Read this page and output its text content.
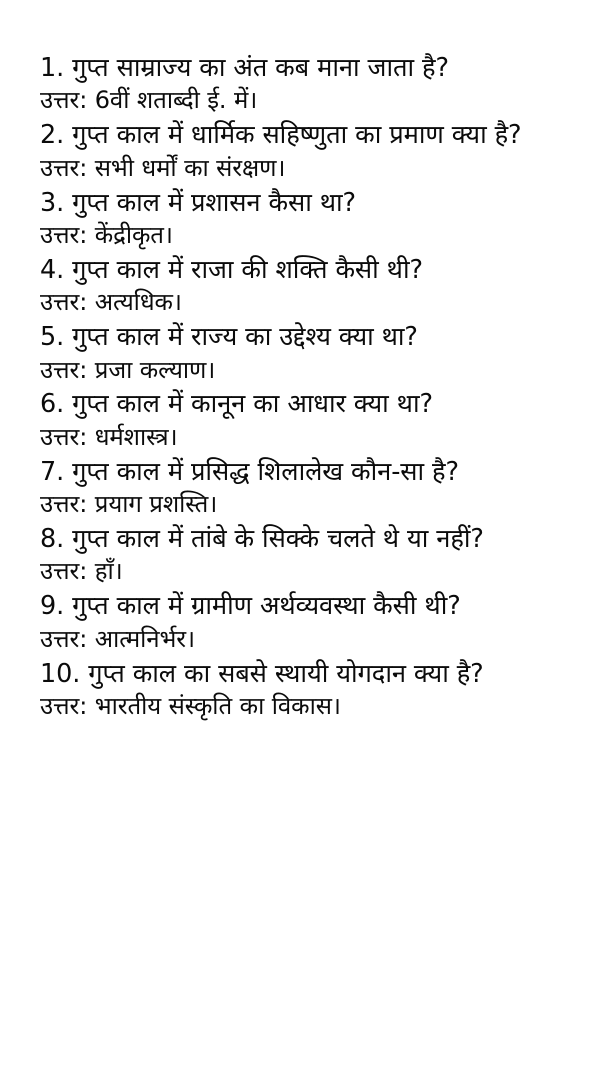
1. गुप्त साम्राज्य का अंत कब माना जाता है?
उत्तर: 6वीं शताब्दी ई. में।
2. गुप्त काल में धार्मिक सहिष्णुता का प्रमाण क्या है?
उत्तर: सभी धर्मों का संरक्षण।
3. गुप्त काल में प्रशासन कैसा था?
उत्तर: केंद्रीकृत।
4. गुप्त काल में राजा की शक्ति कैसी थी?
उत्तर: अत्यधिक।
5. गुप्त काल में राज्य का उद्देश्य क्या था?
उत्तर: प्रजा कल्याण।
6. गुप्त काल में कानून का आधार क्या था?
उत्तर: धर्मशास्त्र।
7. गुप्त काल में प्रसिद्ध शिलालेख कौन-सा है?
उत्तर: प्रयाग प्रशस्ति।
8. गुप्त काल में तांबे के सिक्के चलते थे या नहीं?
उत्तर: हाँ।
9. गुप्त काल में ग्रामीण अर्थव्यवस्था कैसी थी?
उत्तर: आत्मनिर्भर।
10. गुप्त काल का सबसे स्थायी योगदान क्या है?
उत्तर: भारतीय संस्कृति का विकास।
